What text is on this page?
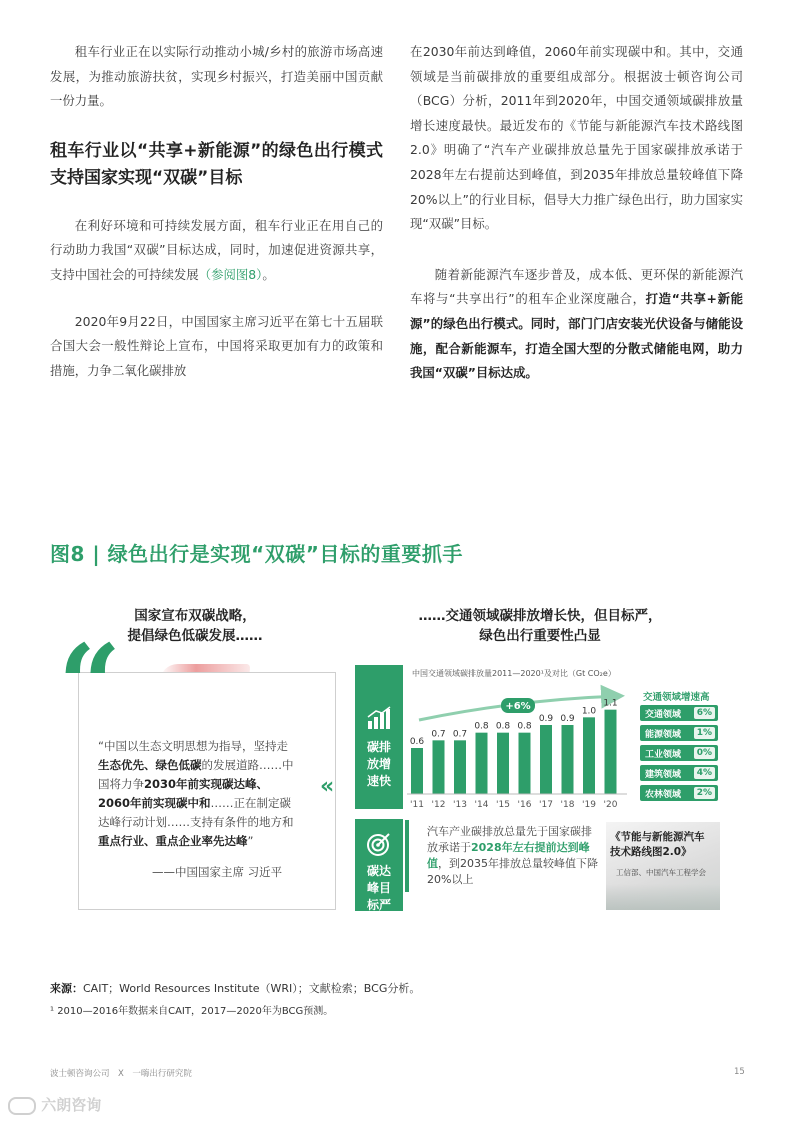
租车行业正在以实际行动推动小城/乡村的旅游市场高速发展，为推动旅游扶贫，实现乡村振兴，打造美丽中国贡献一份力量。

租车行业以“共享+新能源”的绿色出行模式支持国家实现“双碳”目标

在利好环境和可持续发展方面，租车行业正在用自己的行动助力我国“双碳”目标达成，同时，加速促进资源共享，支持中国社会的可持续发展（参阅图8）。

2020年9月22日，中国国家主席习近平在第七十五届联合国大会一般性辩论上宣布，中国将采取更加有力的政策和措施，力争二氧化碳排放

在2030年前达到峰值，2060年前实现碳中和。其中，交通领域是当前碳排放的重要组成部分。根据波士顿咨询公司（BCG）分析，2011年到2020年，中国交通领域碳排放量增长速度最快。最近发布的《节能与新能源汽车技术路线图2.0》明确了“汽车产业碳排放总量先于国家碳排放承诺于2028年左右提前达到峰值，到2035年排放总量较峰值下降20%以上”的行业目标，倡导大力推广绿色出行，助力国家实现“双碳”目标。

随着新能源汽车逐步普及，成本低、更环保的新能源汽车将与“共享出行”的租车企业深度融合，打造“共享+新能源”的绿色出行模式。同时，部门门店安装光伏设备与储能设施，配合新能源车，打造全国大型的分散式储能电网，助力我国“双碳”目标达成。

图8 | 绿色出行是实现“双碳”目标的重要抓手
国家宣布双碳战略，
提倡绿色低碳发展……
……交通领域碳排放增长快，但目标严，
绿色出行重要性凸显
“
“中国以生态文明思想为指导，坚持走生态优先、绿色低碳的发展道路……中国将力争2030年前实现碳达峰、2060年前实现碳中和……正在制定碳达峰行动计划……支持有条件的地方和重点行业、重点企业率先达峰”
——中国国家主席 习近平
«
碳排放增速快
碳达峰目标严
中国交通领域碳排放量2011—2020¹及对比（Gt CO₂e）
+6%
0.6
'11
0.7
'12
0.7
'13
0.8
'14
0.8
'15
0.8
'16
0.9
'17
0.9
'18
1.0
'19
1.1
'20
交通领域增速高
交通领域	6%
能源领域	1%
工业领域	0%
建筑领域	4%
农林领域	2%
汽车产业碳排放总量先于国家碳排放承诺于2028年左右提前达到峰值，到2035年排放总量较峰值下降20%以上
《节能与新能源汽车
技术路线图2.0》
工信部、中国汽车工程学会
来源：CAIT；World Resources Institute（WRI）；文献检索；BCG分析。
¹ 2010—2016年数据来自CAIT，2017—2020年为BCG预测。
波士顿咨询公司　X　一嗨出行研究院	15
六朗咨询
